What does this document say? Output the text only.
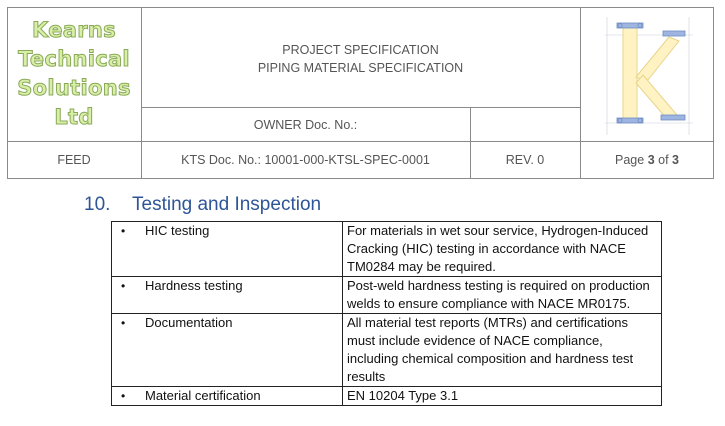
Kearns
Technical
Solutions
Ltd
PROJECT SPECIFICATION
PIPING MATERIAL SPECIFICATION
OWNER Doc. No.:
FEED	KTS Doc. No.: 10001-000-KTSL-SPEC-0001	REV. 0	Page 3 of 3
10. Testing and Inspection
•HIC testing	For materials in wet sour service, Hydrogen-Induced
Cracking (HIC) testing in accordance with NACE
TM0284 may be required.

•Hardness testing	Post-weld hardness testing is required on production
welds to ensure compliance with NACE MR0175.

•Documentation	All material test reports (MTRs) and certifications
must include evidence of NACE compliance,
including chemical composition and hardness test
results

•Material certification	EN 10204 Type 3.1
